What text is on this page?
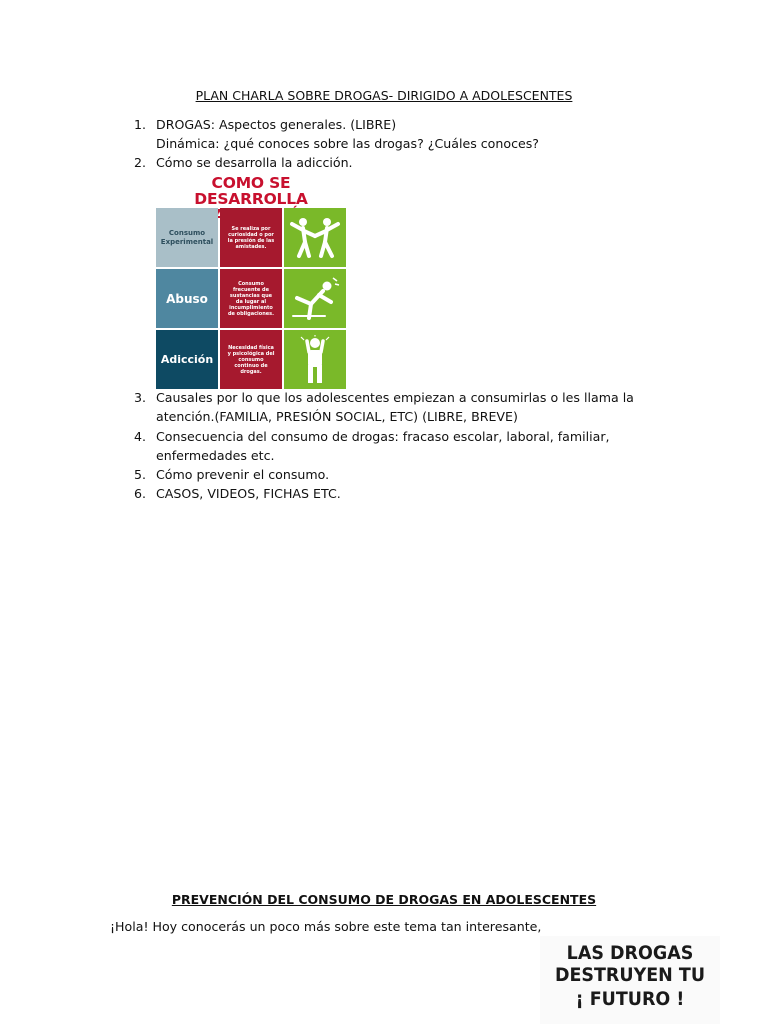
PLAN CHARLA SOBRE DROGAS- DIRIGIDO A ADOLESCENTES
1. DROGAS: Aspectos generales. (LIBRE)
Dinámica: ¿qué conoces sobre las drogas? ¿Cuáles conoces?
2. Cómo se desarrolla la adicción.
COMO SE DESARROLLA
Consumo
Experimental
Se realiza por curiosidad o por la presión de las amistades.
Abuso
Consumo frecuente de sustancias que da lugar al incumplimiento de obligaciones.
Adicción
Necesidad física y psicológica del consumo continuo de drogas.
3. Causales por lo que los adolescentes empiezan a consumirlas o les llama la
atención.(FAMILIA, PRESIÓN SOCIAL, ETC) (LIBRE, BREVE)
4. Consecuencia del consumo de drogas: fracaso escolar, laboral, familiar,
enfermedades etc.
5. Cómo prevenir el consumo.
6. CASOS, VIDEOS, FICHAS ETC.
PREVENCIÓN DEL CONSUMO DE DROGAS EN ADOLESCENTES
¡Hola! Hoy conocerás un poco más sobre este tema tan interesante,
LAS DROGAS
DESTRUYEN TU
¡ FUTURO !
